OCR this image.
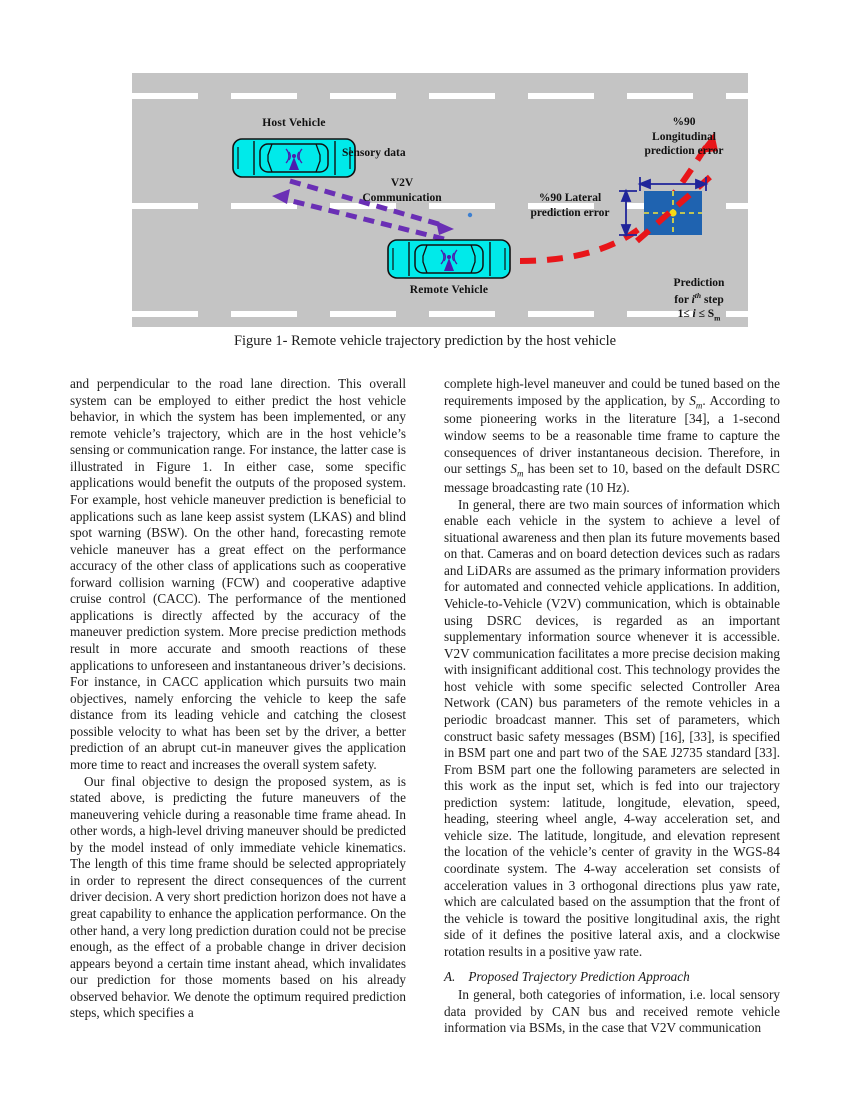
Host Vehicle
Remote Vehicle
Sensory data
V2V
Communication	%90 Lateral
prediction error
%90
Longitudinal
prediction error
Prediction
for $i^{th}$ step
$1\le i \le S_m$
Figure 1- Remote vehicle trajectory prediction by the host vehicle

and perpendicular to the road lane direction. This overall system can be employed to either predict the host vehicle behavior, in which the system has been implemented, or any remote vehicle’s trajectory, which are in the host vehicle’s sensing or communication range. For instance, the latter case is illustrated in Figure 1. In either case, some specific applications would benefit the outputs of the proposed system. For example, host vehicle maneuver prediction is beneficial to applications such as lane keep assist system (LKAS) and blind spot warning (BSW). On the other hand, forecasting remote vehicle maneuver has a great effect on the performance accuracy of the other class of applications such as cooperative forward collision warning (FCW) and cooperative adaptive cruise control (CACC). The performance of the mentioned applications is directly affected by the accuracy of the maneuver prediction system. More precise prediction methods result in more accurate and smooth reactions of these applications to unforeseen and instantaneous driver’s decisions. For instance, in CACC application which pursuits two main objectives, namely enforcing the vehicle to keep the safe distance from its leading vehicle and catching the closest possible velocity to what has been set by the driver, a better prediction of an abrupt cut-in maneuver gives the application more time to react and increases the overall system safety.

Our final objective to design the proposed system, as is stated above, is predicting the future maneuvers of the maneuvering vehicle during a reasonable time frame ahead. In other words, a high-level driving maneuver should be predicted by the model instead of only immediate vehicle kinematics. The length of this time frame should be selected appropriately in order to represent the direct consequences of the current driver decision. A very short prediction horizon does not have a great capability to enhance the application performance. On the other hand, a very long prediction duration could not be precise enough, as the effect of a probable change in driver decision appears beyond a certain time instant ahead, which invalidates our prediction for those moments based on his already observed behavior. We denote the optimum required prediction steps, which specifies a

complete high-level maneuver and could be tuned based on the requirements imposed by the application, by $S_m$. According to some pioneering works in the literature [34], a 1-second window seems to be a reasonable time frame to capture the consequences of driver instantaneous decision. Therefore, in our settings $S_m$ has been set to 10, based on the default DSRC message broadcasting rate (10 Hz).

In general, there are two main sources of information which enable each vehicle in the system to achieve a level of situational awareness and then plan its future movements based on that. Cameras and on board detection devices such as radars and LiDARs are assumed as the primary information providers for automated and connected vehicle applications. In addition, Vehicle-to-Vehicle (V2V) communication, which is obtainable using DSRC devices, is regarded as an important supplementary information source whenever it is accessible. V2V communication facilitates a more precise decision making with insignificant additional cost. This technology provides the host vehicle with some specific selected Controller Area Network (CAN) bus parameters of the remote vehicles in a periodic broadcast manner. This set of parameters, which construct basic safety messages (BSM) [16], [33], is specified in BSM part one and part two of the SAE J2735 standard [33]. From BSM part one the following parameters are selected in this work as the input set, which is fed into our trajectory prediction system: latitude, longitude, elevation, speed, heading, steering wheel angle, 4-way acceleration set, and vehicle size. The latitude, longitude, and elevation represent the location of the vehicle’s center of gravity in the WGS-84 coordinate system. The 4-way acceleration set consists of acceleration values in 3 orthogonal directions plus yaw rate, which are calculated based on the assumption that the front of the vehicle is toward the positive longitudinal axis, the right side of it defines the positive lateral axis, and a clockwise rotation results in a positive yaw rate.

A. Proposed Trajectory Prediction Approach

In general, both categories of information, i.e. local sensory data provided by CAN bus and received remote vehicle information via BSMs, in the case that V2V communication
